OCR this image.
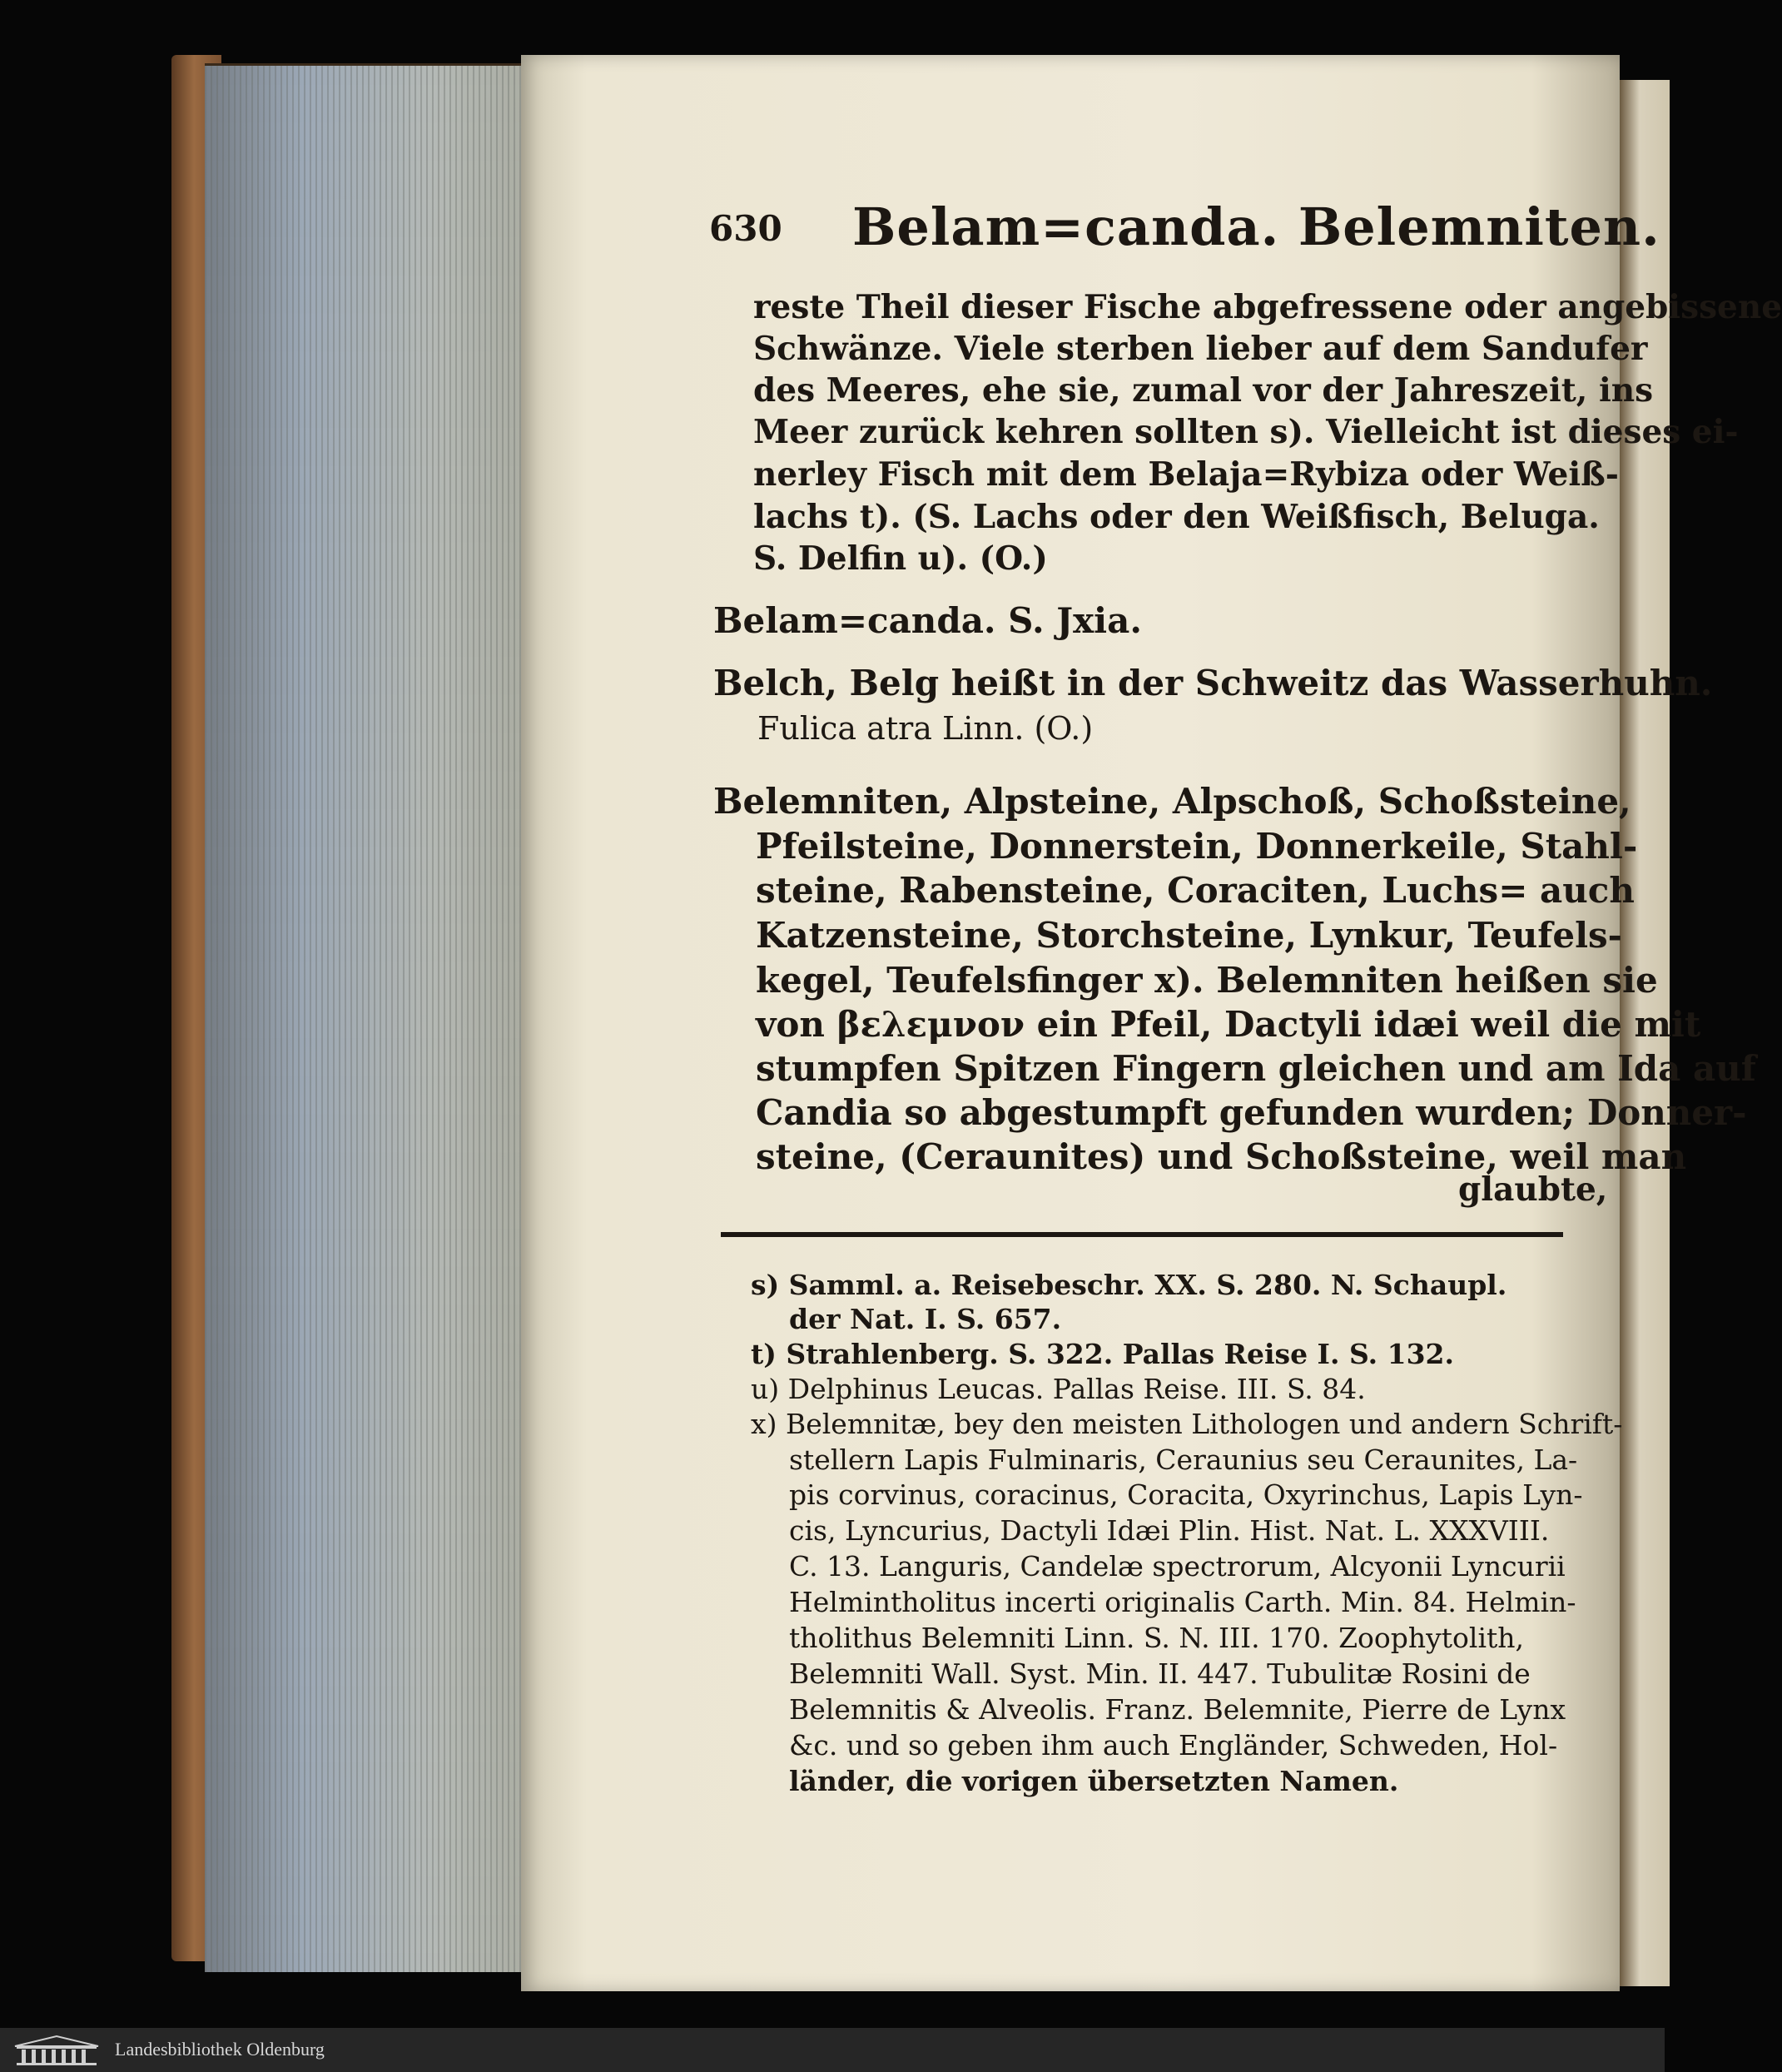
630 Belam=canda. Belemniten.
reste Theil dieser Fische abgefressene oder angebissene
Schwänze. Viele sterben lieber auf dem Sandufer
des Meeres, ehe sie, zumal vor der Jahreszeit, ins
Meer zurück kehren sollten s). Vielleicht ist dieses ei-
nerley Fisch mit dem Belaja=Rybiza oder Weiß-
lachs t). (S. Lachs oder den Weißfisch, Beluga.
S. Delfin u). (O.)
Belam=canda. S. Jxia.
Belch, Belg heißt in der Schweitz das Wasserhuhn.
Fulica atra Linn. (O.)
Belemniten, Alpsteine, Alpschoß, Schoßsteine,
Pfeilsteine, Donnerstein, Donnerkeile, Stahl-
steine, Rabensteine, Coraciten, Luchs= auch
Katzensteine, Storchsteine, Lynkur, Teufels-
kegel, Teufelsfinger x). Belemniten heißen sie
von βελεμνον ein Pfeil, Dactyli idæi weil die mit
stumpfen Spitzen Fingern gleichen und am Ida auf
Candia so abgestumpft gefunden wurden; Donner-
steine, (Ceraunites) und Schoßsteine, weil man
glaubte,
s) Samml. a. Reisebeschr. XX. S. 280. N. Schaupl.
der Nat. I. S. 657.
t) Strahlenberg. S. 322. Pallas Reise I. S. 132.
u) Delphinus Leucas. Pallas Reise. III. S. 84.
x) Belemnitæ, bey den meisten Lithologen und andern Schrift-
stellern Lapis Fulminaris, Ceraunius seu Ceraunites, La-
pis corvinus, coracinus, Coracita, Oxyrinchus, Lapis Lyn-
cis, Lyncurius, Dactyli Idæi Plin. Hist. Nat. L. XXXVIII.
C. 13. Languris, Candelæ spectrorum, Alcyonii Lyncurii
Helmintholitus incerti originalis Carth. Min. 84. Helmin-
tholithus Belemniti Linn. S. N. III. 170. Zoophytolith,
Belemniti Wall. Syst. Min. II. 447. Tubulitæ Rosini de
Belemnitis & Alveolis. Franz. Belemnite, Pierre de Lynx
&c. und so geben ihm auch Engländer, Schweden, Hol-
länder, die vorigen übersetzten Namen.
Landesbibliothek Oldenburg
